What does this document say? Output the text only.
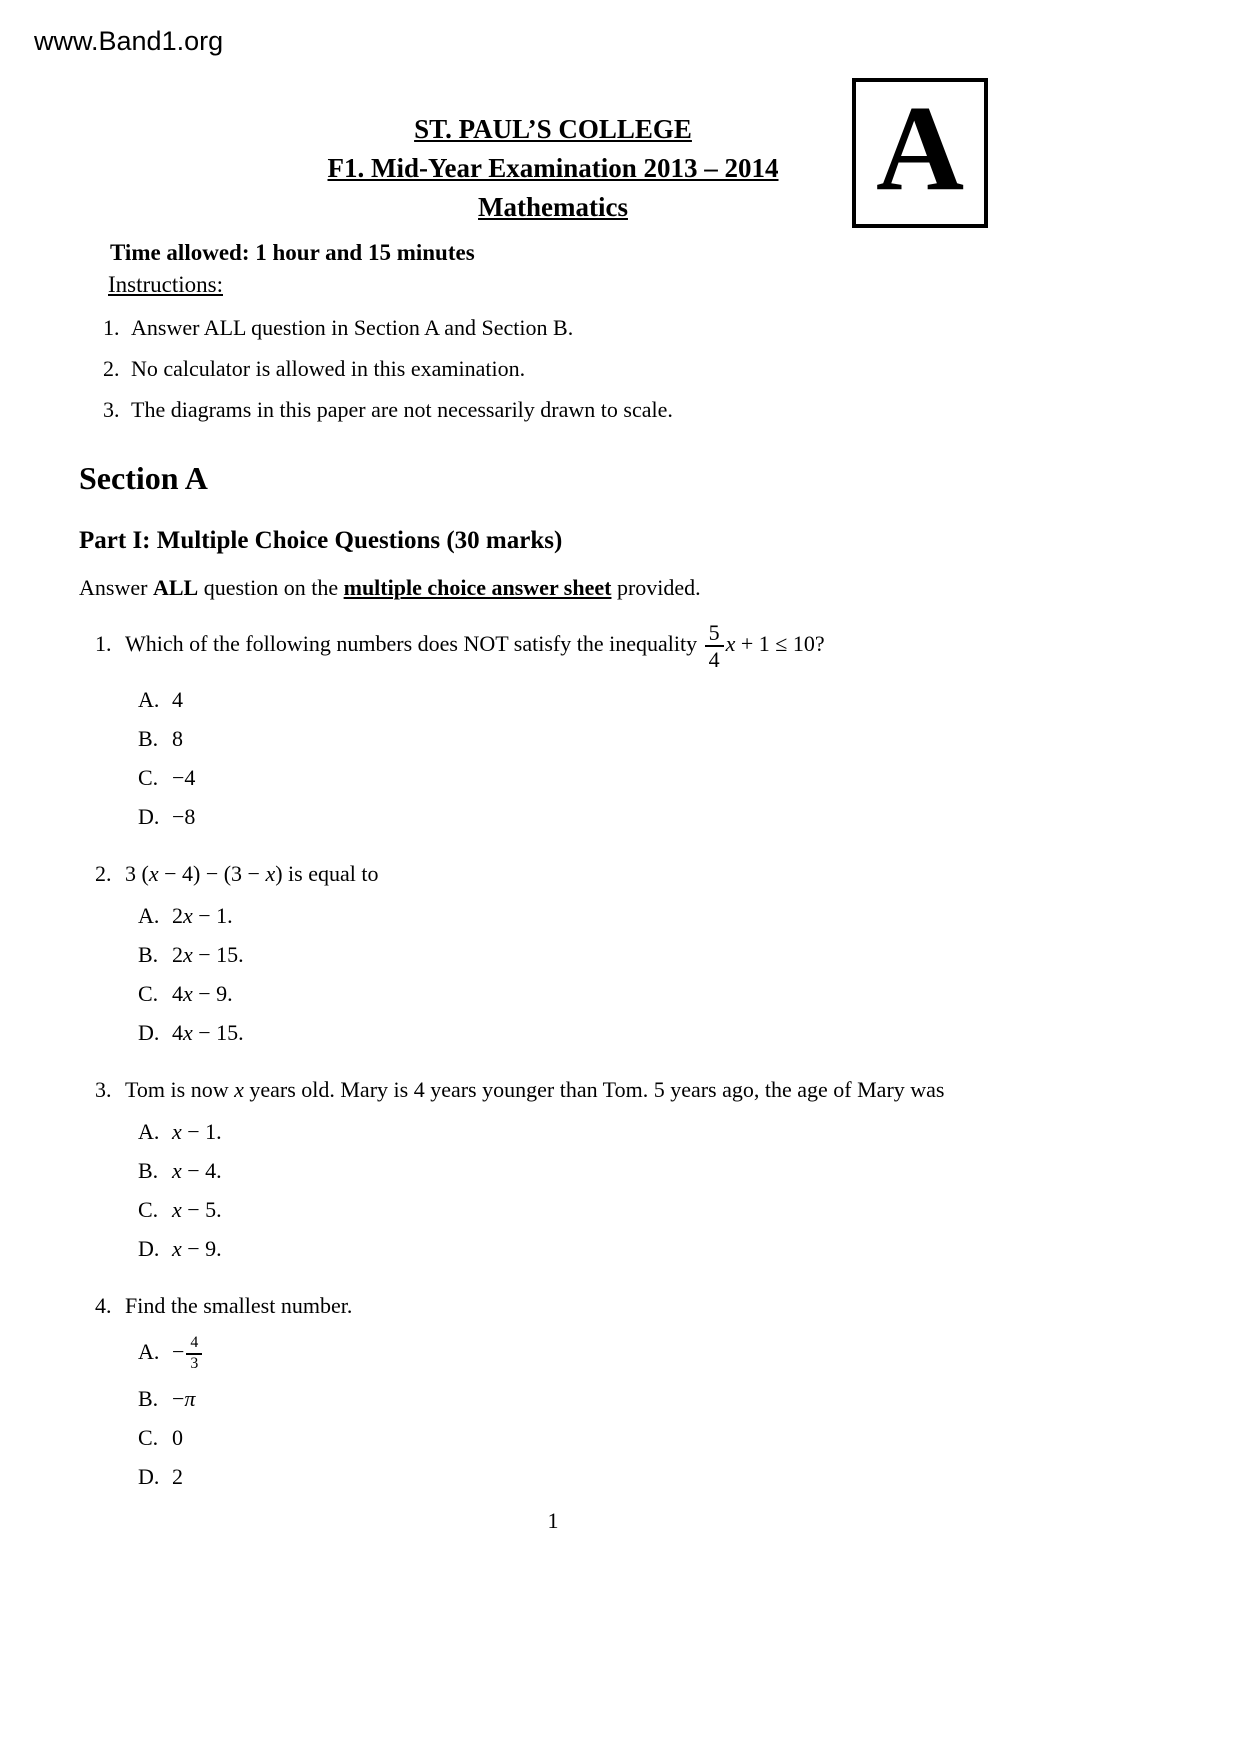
www.Band1.org
A
ST. PAUL’S COLLEGE
F1. Mid-Year Examination 2013 – 2014
Mathematics
Time allowed: 1 hour and 15 minutes
Instructions:
1. Answer ALL question in Section A and Section B.
2. No calculator is allowed in this examination.
3. The diagrams in this paper are not necessarily drawn to scale.
Section A
Part I: Multiple Choice Questions (30 marks)
Answer ALL question on the multiple choice answer sheet provided.
1. Which of the following numbers does NOT satisfy the inequality $\frac{5}{4}$ x + 1 ≤ 10?
A. 4
B. 8
C. −4
D. −8
2. 3 (x − 4) − (3 − x) is equal to
A. 2x − 1.
B. 2x − 15.
C. 4x − 9.
D. 4x − 15.
3. Tom is now x years old. Mary is 4 years younger than Tom. 5 years ago, the age of Mary was
A. x − 1.
B. x − 4.
C. x − 5.
D. x − 9.
4. Find the smallest number.
A. − $\frac{4}{3}$
B. −π
C. 0
D. 2
1
